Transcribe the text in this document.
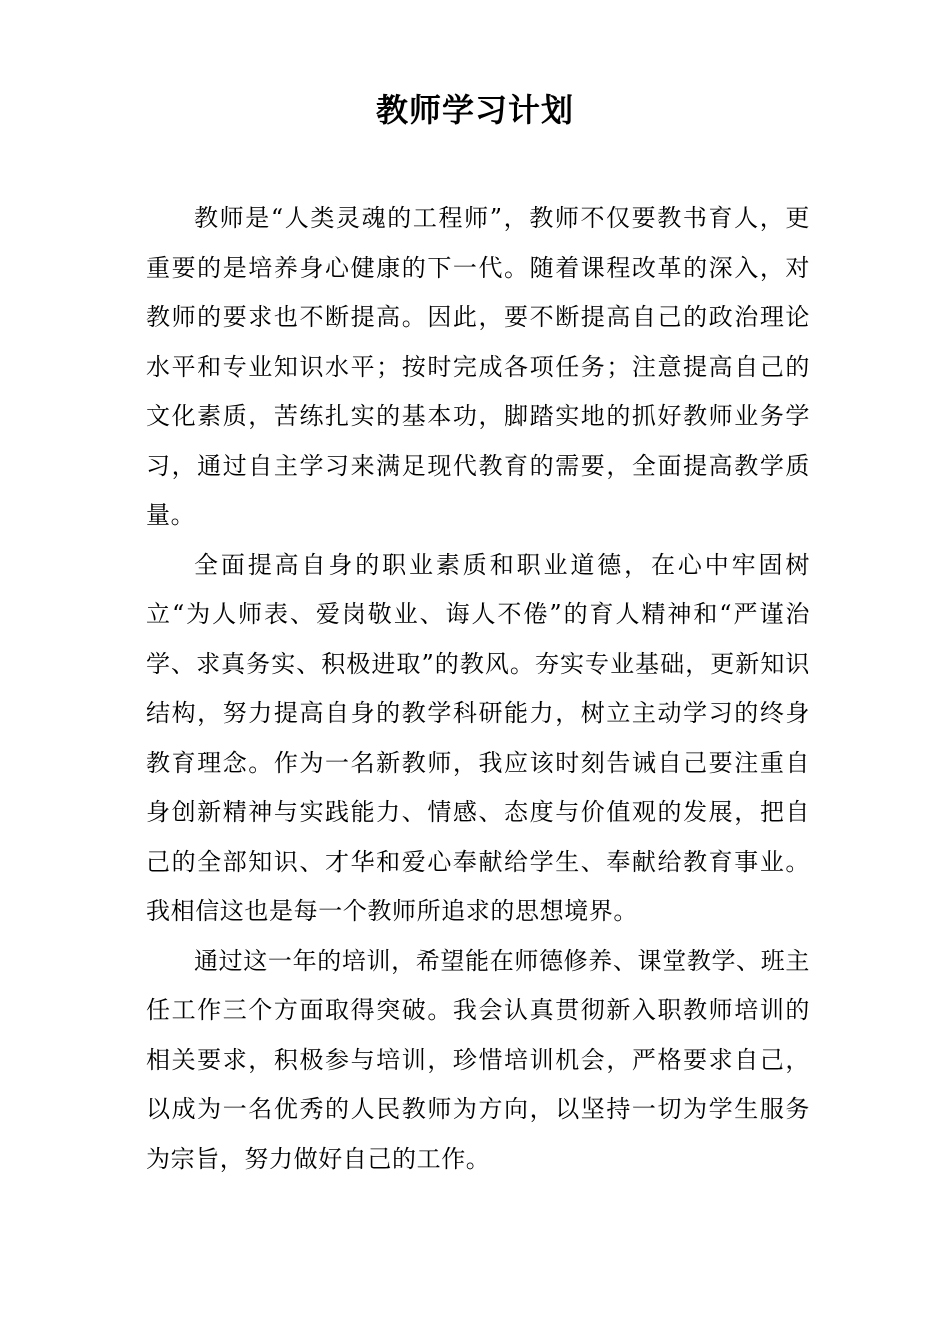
教师学习计划

教师是“人类灵魂的工程师”，教师不仅要教书育人，更重要的是培养身心健康的下一代。随着课程改革的深入，对教师的要求也不断提高。因此，要不断提高自己的政治理论水平和专业知识水平；按时完成各项任务；注意提高自己的文化素质，苦练扎实的基本功，脚踏实地的抓好教师业务学习，通过自主学习来满足现代教育的需要，全面提高教学质量。

全面提高自身的职业素质和职业道德，在心中牢固树立“为人师表、爱岗敬业、诲人不倦”的育人精神和“严谨治学、求真务实、积极进取”的教风。夯实专业基础，更新知识结构，努力提高自身的教学科研能力，树立主动学习的终身教育理念。作为一名新教师，我应该时刻告诫自己要注重自身创新精神与实践能力、情感、态度与价值观的发展，把自己的全部知识、才华和爱心奉献给学生、奉献给教育事业。我相信这也是每一个教师所追求的思想境界。

通过这一年的培训，希望能在师德修养、课堂教学、班主任工作三个方面取得突破。我会认真贯彻新入职教师培训的相关要求，积极参与培训，珍惜培训机会，严格要求自己，以成为一名优秀的人民教师为方向，以坚持一切为学生服务为宗旨，努力做好自己的工作。
